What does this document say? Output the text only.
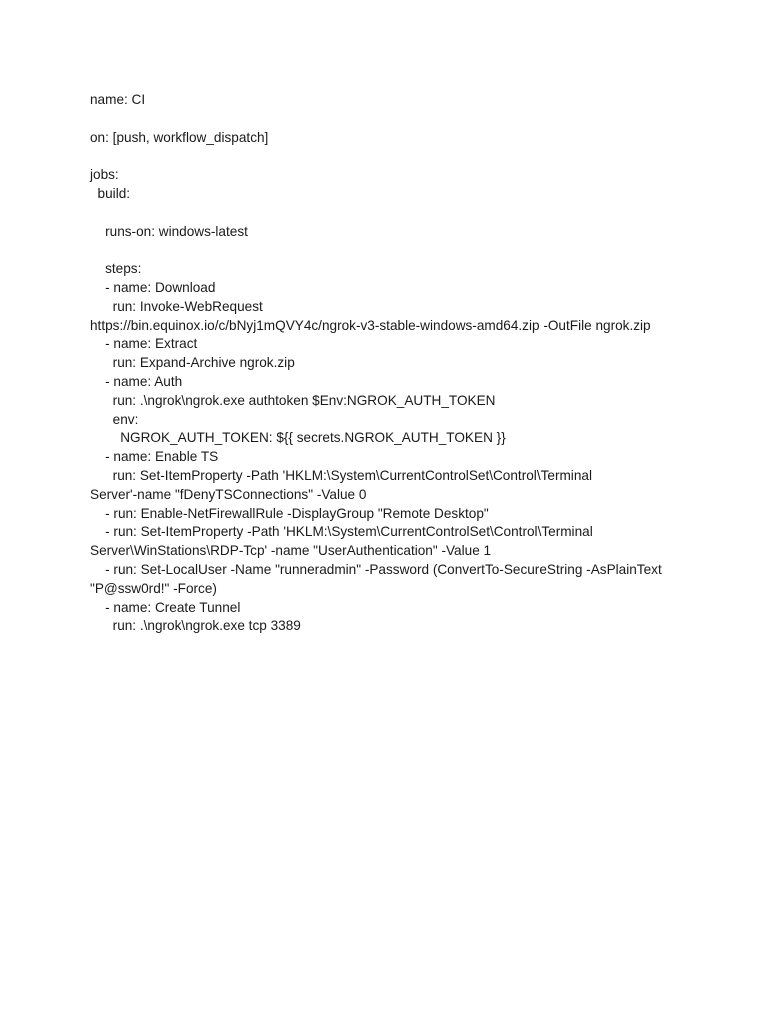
name: CI
on: [push, workflow_dispatch]
jobs:
build:
runs-on: windows-latest
steps:
- name: Download
run: Invoke-WebRequest
https://bin.equinox.io/c/bNyj1mQVY4c/ngrok-v3-stable-windows-amd64.zip -OutFile ngrok.zip
- name: Extract
run: Expand-Archive ngrok.zip
- name: Auth
run: .\ngrok\ngrok.exe authtoken $Env:NGROK_AUTH_TOKEN
env:
NGROK_AUTH_TOKEN: ${{ secrets.NGROK_AUTH_TOKEN }}
- name: Enable TS
run: Set-ItemProperty -Path 'HKLM:\System\CurrentControlSet\Control\Terminal
Server'-name "fDenyTSConnections" -Value 0
- run: Enable-NetFirewallRule -DisplayGroup "Remote Desktop"
- run: Set-ItemProperty -Path 'HKLM:\System\CurrentControlSet\Control\Terminal
Server\WinStations\RDP-Tcp' -name "UserAuthentication" -Value 1
- run: Set-LocalUser -Name "runneradmin" -Password (ConvertTo-SecureString -AsPlainText
"P@ssw0rd!" -Force)
- name: Create Tunnel
run: .\ngrok\ngrok.exe tcp 3389
